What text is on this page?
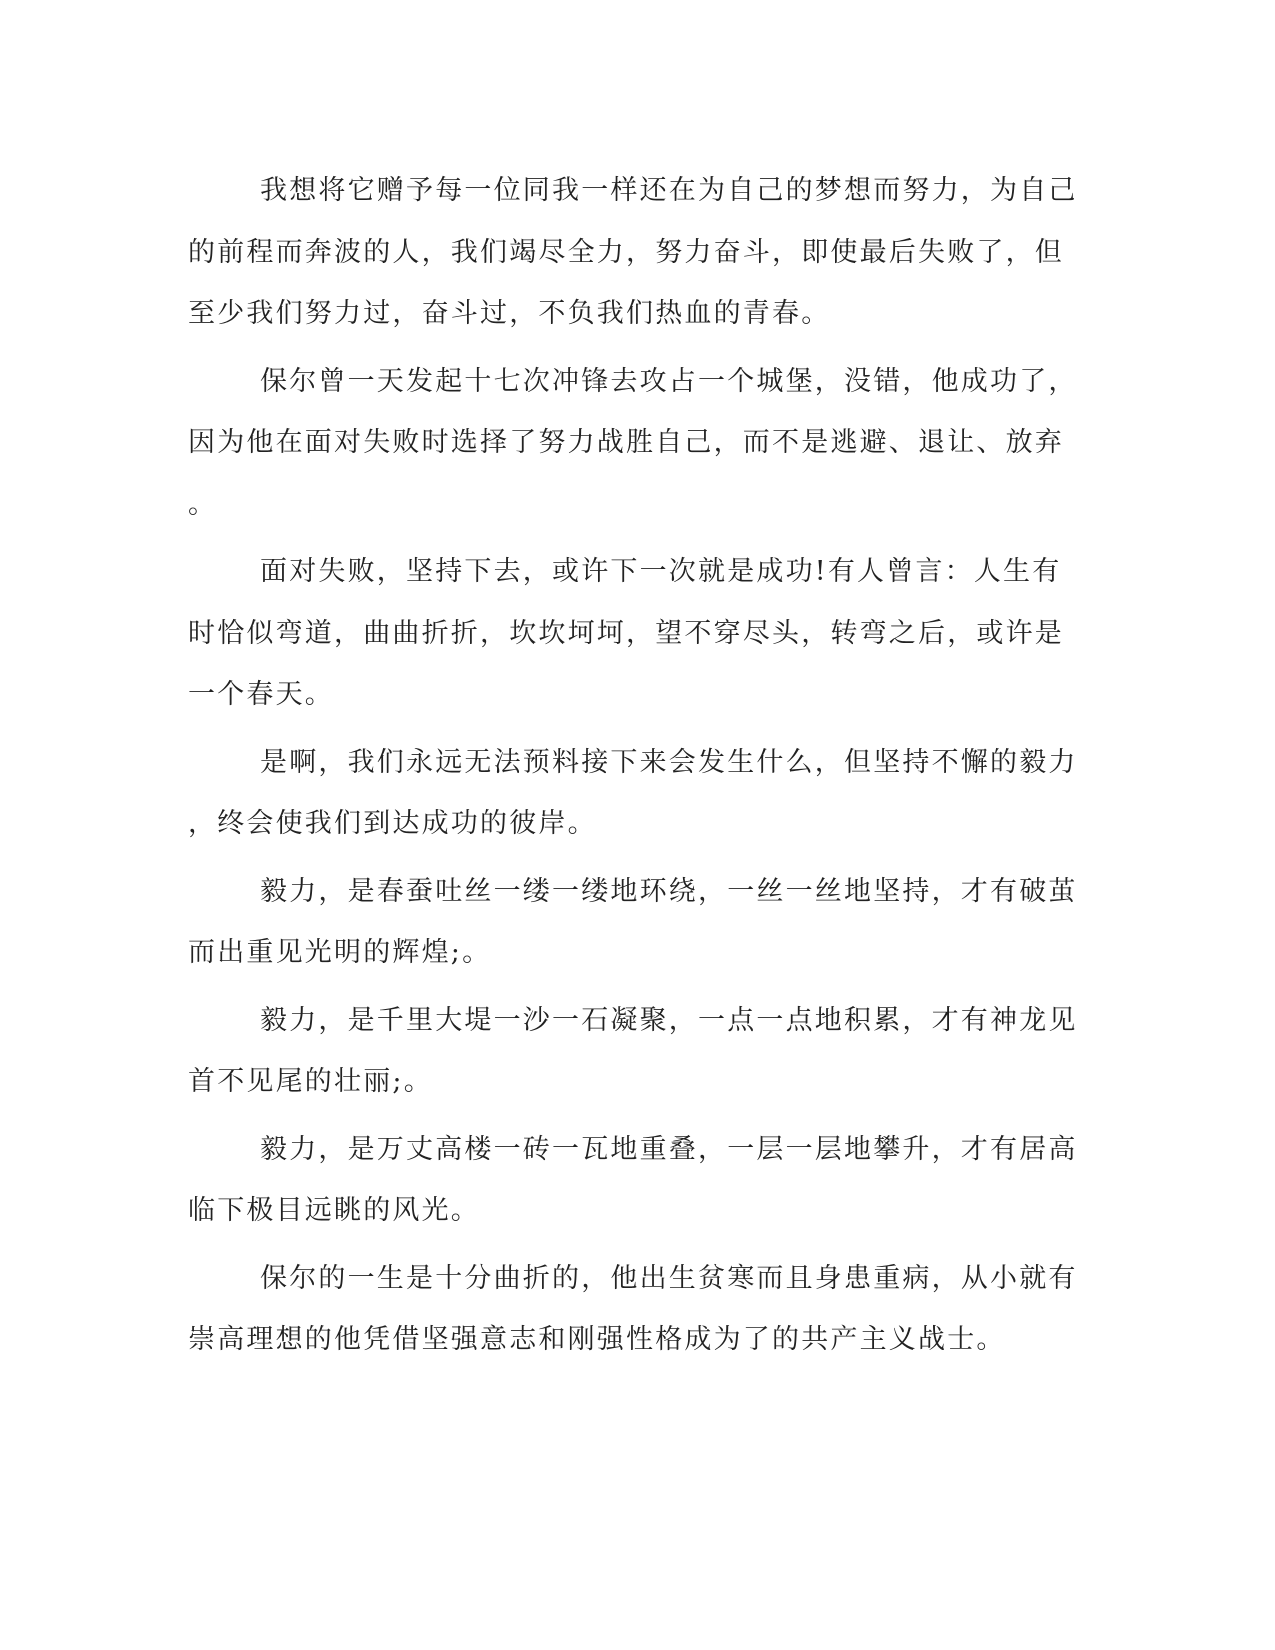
我想将它赠予每一位同我一样还在为自己的梦想而努力，为自己
的前程而奔波的人，我们竭尽全力，努力奋斗，即使最后失败了，但
至少我们努力过，奋斗过，不负我们热血的青春。

保尔曾一天发起十七次冲锋去攻占一个城堡，没错，他成功了，
因为他在面对失败时选择了努力战胜自己，而不是逃避、退让、放弃
。

面对失败，坚持下去，或许下一次就是成功!有人曾言：人生有
时恰似弯道，曲曲折折，坎坎坷坷，望不穿尽头，转弯之后，或许是
一个春天。

是啊，我们永远无法预料接下来会发生什么，但坚持不懈的毅力
，终会使我们到达成功的彼岸。

毅力，是春蚕吐丝一缕一缕地环绕，一丝一丝地坚持，才有破茧
而出重见光明的辉煌;。

毅力，是千里大堤一沙一石凝聚，一点一点地积累，才有神龙见
首不见尾的壮丽;。

毅力，是万丈高楼一砖一瓦地重叠，一层一层地攀升，才有居高
临下极目远眺的风光。

保尔的一生是十分曲折的，他出生贫寒而且身患重病，从小就有
崇高理想的他凭借坚强意志和刚强性格成为了的共产主义战士。
